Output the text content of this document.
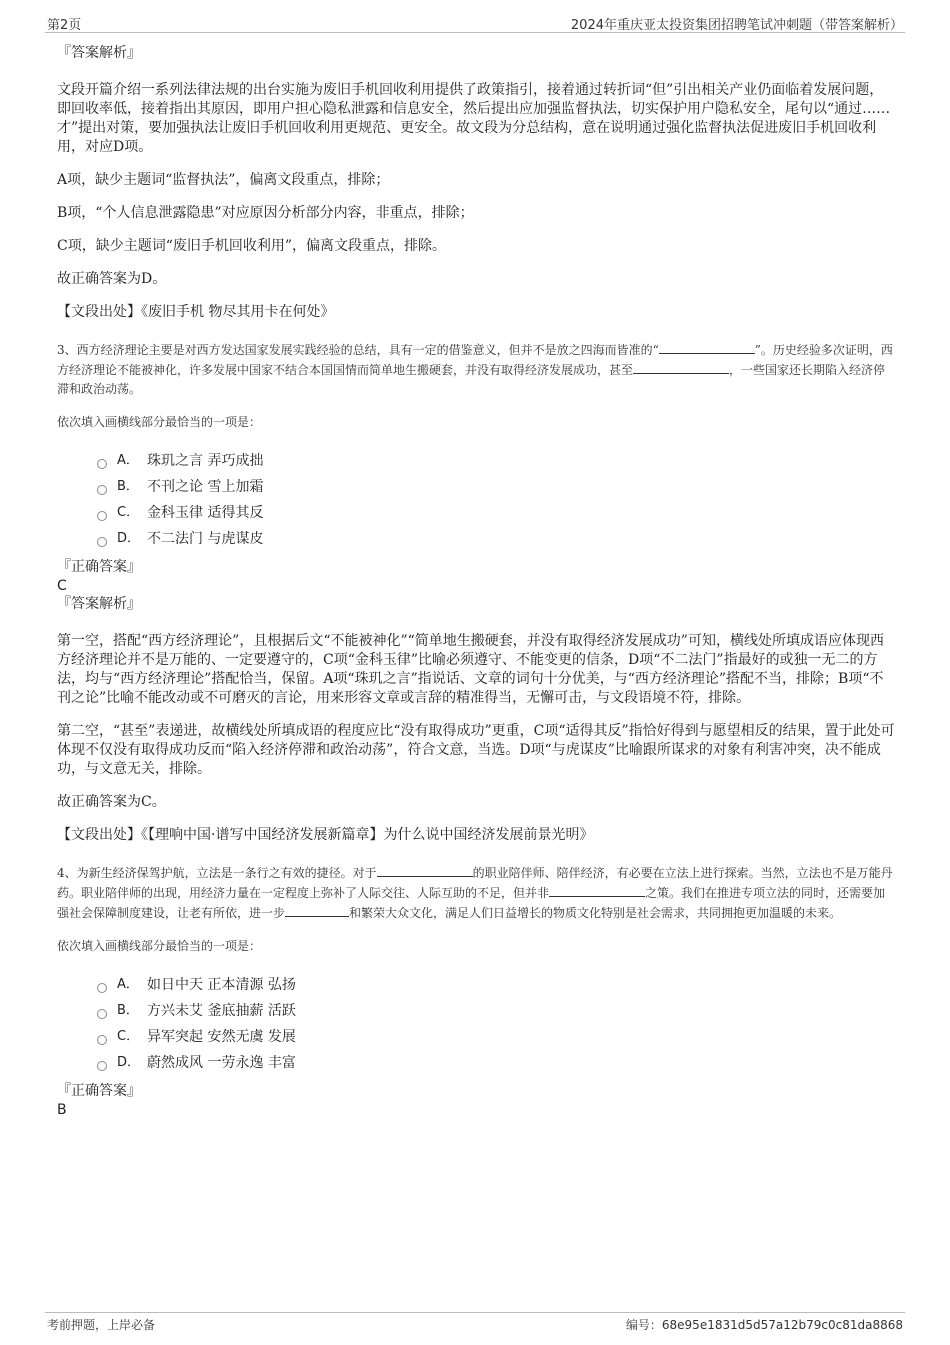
第2页	2024年重庆亚太投资集团招聘笔试冲刺题（带答案解析）
『答案解析』

文段开篇介绍一系列法律法规的出台实施为废旧手机回收利用提供了政策指引，接着通过转折词“但”引出相关产业仍面临着发展问题，即回收率低，接着指出其原因，即用户担心隐私泄露和信息安全，然后提出应加强监督执法，切实保护用户隐私安全，尾句以“通过……才”提出对策，要加强执法让废旧手机回收利用更规范、更安全。故文段为分总结构，意在说明通过强化监督执法促进废旧手机回收利用，对应D项。

A项，缺少主题词“监督执法”，偏离文段重点，排除；

B项，“个人信息泄露隐患”对应原因分析部分内容，非重点，排除；

C项，缺少主题词“废旧手机回收利用”，偏离文段重点，排除。

故正确答案为D。

【文段出处】《废旧手机 物尽其用卡在何处》

3、西方经济理论主要是对西方发达国家发展实践经验的总结，具有一定的借鉴意义，但并不是放之四海而皆准的“	”。历史经验多次证明，西方经济理论不能被神化，许多发展中国家不结合本国国情而简单地生搬硬套，并没有取得经济发展成功，甚至	，一些国家还长期陷入经济停滞和政治动荡。

依次填入画横线部分最恰当的一项是：

A． 珠玑之言 弄巧成拙
B． 不刊之论 雪上加霜
C． 金科玉律 适得其反
D． 不二法门 与虎谋皮
『正确答案』
C
『答案解析』

第一空，搭配“西方经济理论”，且根据后文“不能被神化”“简单地生搬硬套，并没有取得经济发展成功”可知，横线处所填成语应体现西方经济理论并不是万能的、一定要遵守的，C项“金科玉律”比喻必须遵守、不能变更的信条，D项“不二法门”指最好的或独一无二的方法，均与“西方经济理论”搭配恰当，保留。A项“珠玑之言”指说话、文章的词句十分优美，与“西方经济理论”搭配不当，排除；B项“不刊之论”比喻不能改动或不可磨灭的言论，用来形容文章或言辞的精准得当，无懈可击，与文段语境不符，排除。

第二空，“甚至”表递进，故横线处所填成语的程度应比“没有取得成功”更重，C项“适得其反”指恰好得到与愿望相反的结果，置于此处可体现不仅没有取得成功反而“陷入经济停滞和政治动荡”，符合文意，当选。D项“与虎谋皮”比喻跟所谋求的对象有利害冲突，决不能成功，与文意无关，排除。

故正确答案为C。

【文段出处】《【理响中国·谱写中国经济发展新篇章】为什么说中国经济发展前景光明》

4、为新生经济保驾护航，立法是一条行之有效的捷径。对于	的职业陪伴师、陪伴经济，有必要在立法上进行探索。当然，立法也不是万能丹药。职业陪伴师的出现，用经济力量在一定程度上弥补了人际交往、人际互助的不足，但并非	之策。我们在推进专项立法的同时，还需要加强社会保障制度建设，让老有所依，进一步	和繁荣大众文化，满足人们日益增长的物质文化特别是社会需求，共同拥抱更加温暖的未来。

依次填入画横线部分最恰当的一项是：

A． 如日中天 正本清源 弘扬
B． 方兴未艾 釜底抽薪 活跃
C． 异军突起 安然无虞 发展
D． 蔚然成风 一劳永逸 丰富
『正确答案』
B
考前押题，上岸必备	编号：68e95e1831d5d57a12b79c0c81da8868
